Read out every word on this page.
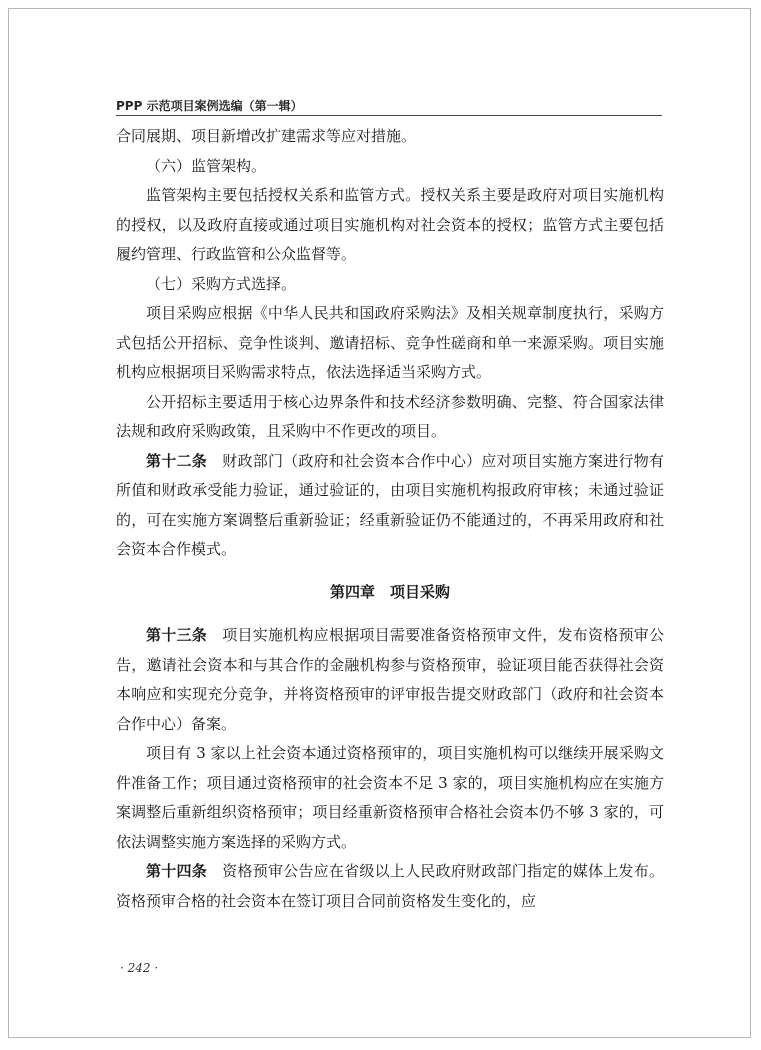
PPP 示范项目案例选编（第一辑）

合同展期、项目新增改扩建需求等应对措施。

（六）监管架构。

监管架构主要包括授权关系和监管方式。授权关系主要是政府对项目实施机构的授权，以及政府直接或通过项目实施机构对社会资本的授权；监管方式主要包括履约管理、行政监管和公众监督等。

（七）采购方式选择。

项目采购应根据《中华人民共和国政府采购法》及相关规章制度执行，采购方式包括公开招标、竞争性谈判、邀请招标、竞争性磋商和单一来源采购。项目实施机构应根据项目采购需求特点，依法选择适当采购方式。

公开招标主要适用于核心边界条件和技术经济参数明确、完整、符合国家法律法规和政府采购政策，且采购中不作更改的项目。

第十二条　 财政部门（政府和社会资本合作中心）应对项目实施方案进行物有所值和财政承受能力验证，通过验证的，由项目实施机构报政府审核；未通过验证的，可在实施方案调整后重新验证；经重新验证仍不能通过的，不再采用政府和社会资本合作模式。

第四章　项目采购

第十三条　 项目实施机构应根据项目需要准备资格预审文件，发布资格预审公告，邀请社会资本和与其合作的金融机构参与资格预审，验证项目能否获得社会资本响应和实现充分竞争，并将资格预审的评审报告提交财政部门（政府和社会资本合作中心）备案。

项目有 3 家以上社会资本通过资格预审的，项目实施机构可以继续开展采购文件准备工作；项目通过资格预审的社会资本不足 3 家的，项目实施机构应在实施方案调整后重新组织资格预审；项目经重新资格预审合格社会资本仍不够 3 家的，可依法调整实施方案选择的采购方式。

第十四条　 资格预审公告应在省级以上人民政府财政部门指定的媒体上发布。资格预审合格的社会资本在签订项目合同前资格发生变化的，应

· 242 ·
